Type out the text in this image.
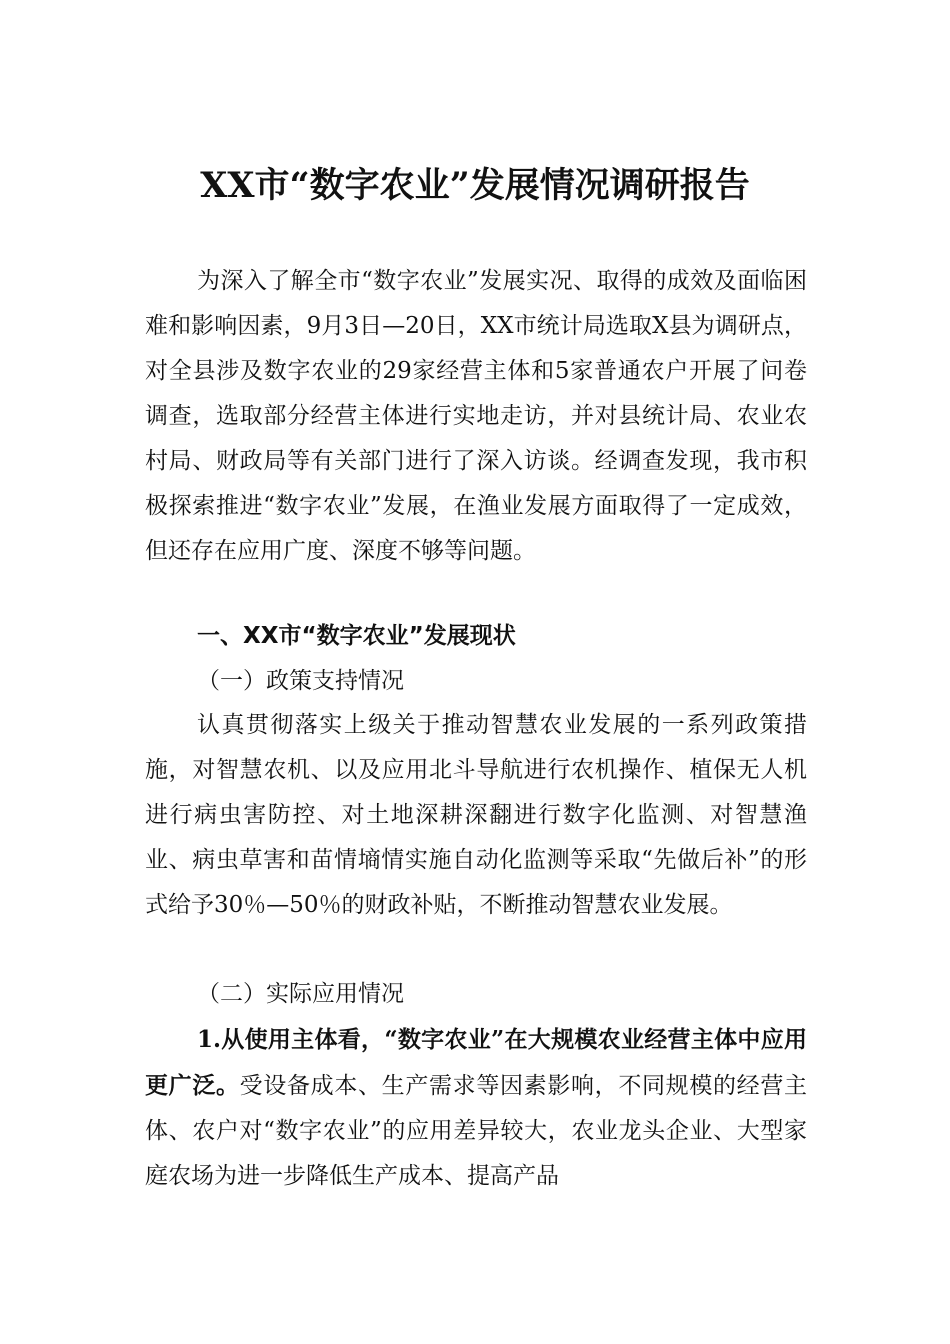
XX市“数字农业”发展情况调研报告

为深入了解全市“数字农业”发展实况、取得的成效及面临困难和影响因素，9月3日—20日，XX市统计局选取X县为调研点，对全县涉及数字农业的29家经营主体和5家普通农户开展了问卷调查，选取部分经营主体进行实地走访，并对县统计局、农业农村局、财政局等有关部门进行了深入访谈。经调查发现，我市积极探索推进“数字农业”发展，在渔业发展方面取得了一定成效，但还存在应用广度、深度不够等问题。

一、XX市“数字农业”发展现状

（一）政策支持情况

认真贯彻落实上级关于推动智慧农业发展的一系列政策措施，对智慧农机、以及应用北斗导航进行农机操作、植保无人机进行病虫害防控、对土地深耕深翻进行数字化监测、对智慧渔业、病虫草害和苗情墒情实施自动化监测等采取“先做后补”的形式给予30％—50％的财政补贴，不断推动智慧农业发展。

（二）实际应用情况

1.从使用主体看，“数字农业”在大规模农业经营主体中应用更广泛。受设备成本、生产需求等因素影响，不同规模的经营主体、农户对“数字农业”的应用差异较大，农业龙头企业、大型家庭农场为进一步降低生产成本、提高产品
